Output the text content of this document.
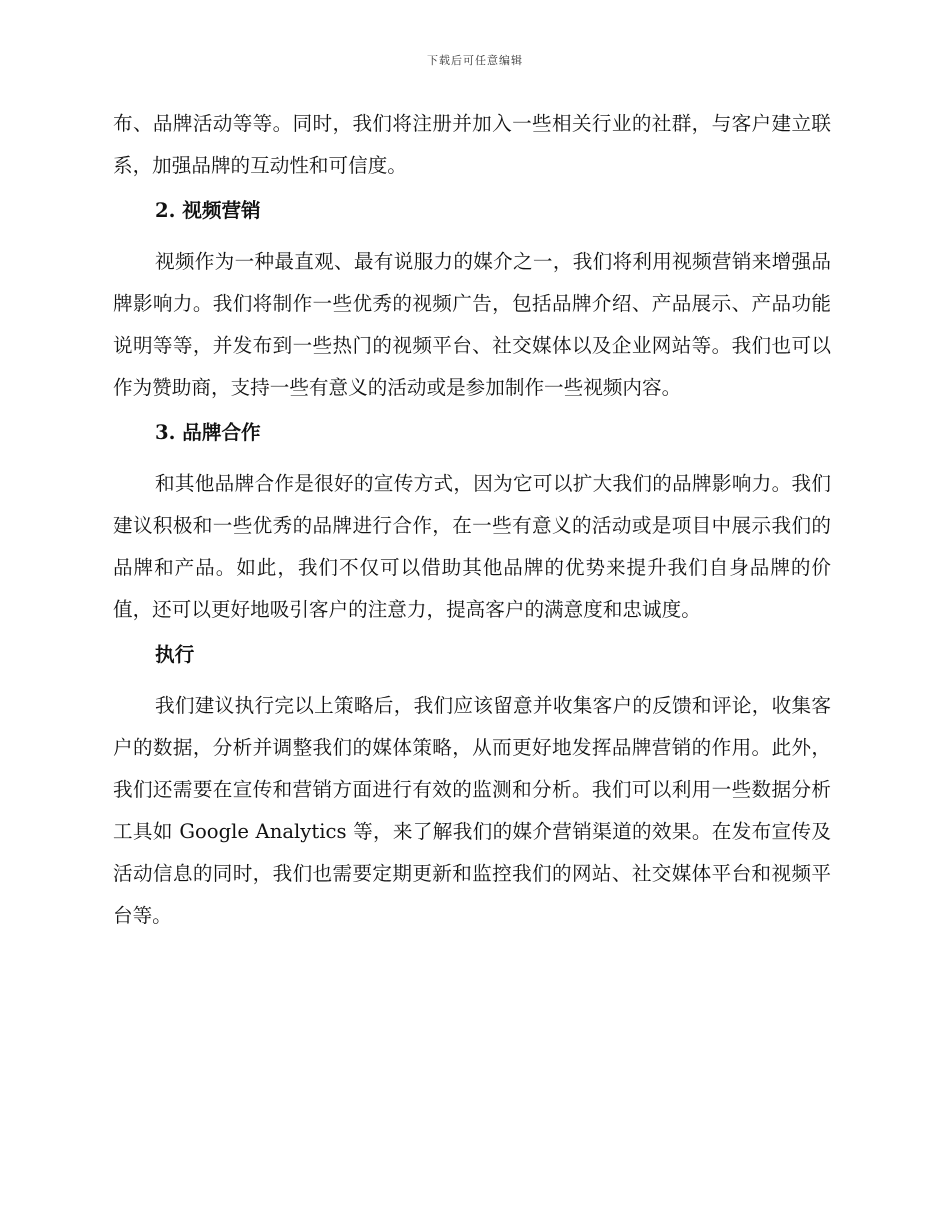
下载后可任意编辑

布、品牌活动等等。同时，我们将注册并加入一些相关行业的社群，与客户建立联系，加强品牌的互动性和可信度。

2. 视频营销

视频作为一种最直观、最有说服力的媒介之一，我们将利用视频营销来增强品牌影响力。我们将制作一些优秀的视频广告，包括品牌介绍、产品展示、产品功能说明等等，并发布到一些热门的视频平台、社交媒体以及企业网站等。我们也可以作为赞助商，支持一些有意义的活动或是参加制作一些视频内容。

3. 品牌合作

和其他品牌合作是很好的宣传方式，因为它可以扩大我们的品牌影响力。我们建议积极和一些优秀的品牌进行合作，在一些有意义的活动或是项目中展示我们的品牌和产品。如此，我们不仅可以借助其他品牌的优势来提升我们自身品牌的价值，还可以更好地吸引客户的注意力，提高客户的满意度和忠诚度。

执行

我们建议执行完以上策略后，我们应该留意并收集客户的反馈和评论，收集客户的数据，分析并调整我们的媒体策略，从而更好地发挥品牌营销的作用。此外，我们还需要在宣传和营销方面进行有效的监测和分析。我们可以利用一些数据分析工具如 Google Analytics 等，来了解我们的媒介营销渠道的效果。在发布宣传及活动信息的同时，我们也需要定期更新和监控我们的网站、社交媒体平台和视频平台等。
